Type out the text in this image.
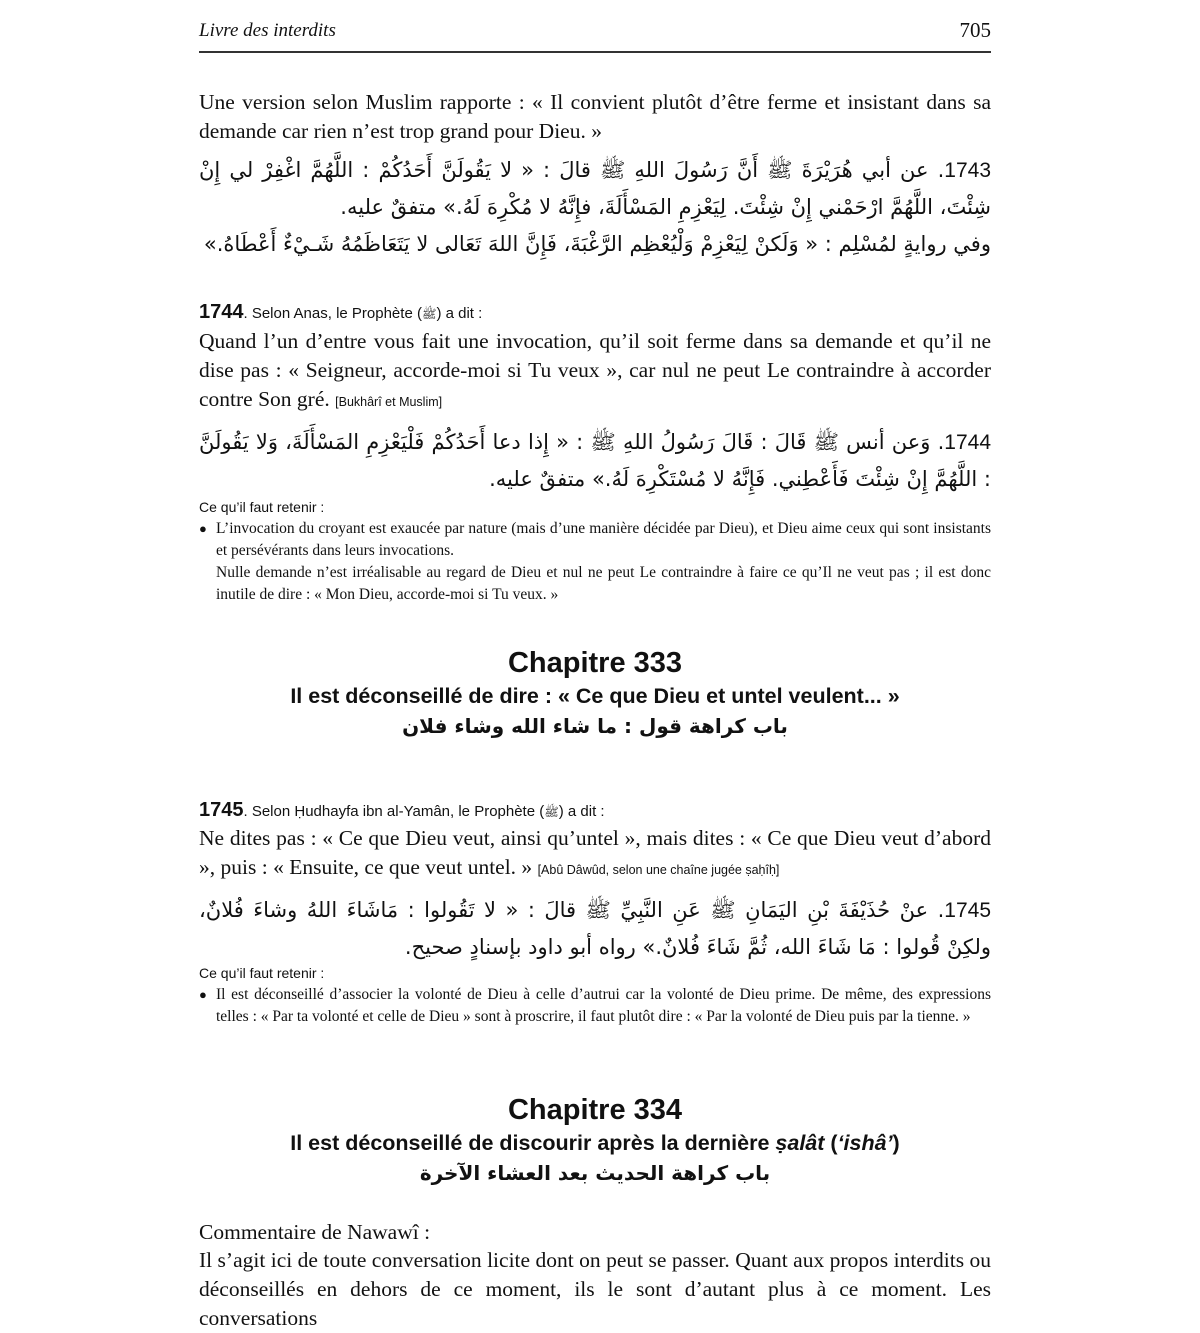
Livre des interdits	705

Une version selon Muslim rapporte : « Il convient plutôt d’être ferme et insistant dans sa demande car rien n’est trop grand pour Dieu. »

1743. عن أبي هُرَيْرَةَ ﷺ أَنَّ رَسُولَ اللهِ ﷺ قالَ : « لا يَقُولَنَّ أَحَدُكُمْ : اللَّهُمَّ اغْفِرْ لي إِنْ شِئْتَ، اللَّهُمَّ ارْحَمْني إِنْ شِئْتَ. لِيَعْزِمِ المَسْأَلَةَ، فإِنَّهُ لا مُكْرِهَ لَهُ.» متفقٌ عليه.
وفي روايةٍ لمُسْلِم : « وَلَكنْ لِيَعْزِمْ وَلْيُعْظِم الرَّغْبَةَ، فَإِنَّ اللهَ تَعَالى لا يَتَعَاظَمُهُ شَـيْءٌ أَعْطَاهُ.»
1744. Selon Anas, le Prophète (ﷺ) a dit :

Quand l’un d’entre vous fait une invocation, qu’il soit ferme dans sa demande et qu’il ne dise pas : « Seigneur, accorde-moi si Tu veux », car nul ne peut Le contraindre à accorder contre Son gré. [Bukhârî et Muslim]

1744. وَعن أنس ﷺ قَالَ : قَالَ رَسُولُ اللهِ ﷺ : « إِذا دعا أَحَدُكُمْ فَلْيَعْزِمِ المَسْأَلَةَ، وَلا يَقُولَنَّ : اللَّهُمَّ إِنْ شِئْتَ فَأَعْطِني. فَإِنَّهُ لا مُسْتَكْرِهَ لَهُ.» متفقٌ عليه.
Ce qu’il faut retenir :
● L’invocation du croyant est exaucée par nature (mais d’une manière décidée par Dieu), et Dieu aime ceux qui sont insistants et persévérants dans leurs invocations.
Nulle demande n’est irréalisable au regard de Dieu et nul ne peut Le contraindre à faire ce qu’Il ne veut pas ; il est donc inutile de dire : « Mon Dieu, accorde-moi si Tu veux. »
Chapitre 333
Il est déconseillé de dire : « Ce que Dieu et untel veulent... »
باب كراهة قول : ما شاء الله وشاء فلان
1745. Selon Ḥudhayfa ibn al-Yamân, le Prophète (ﷺ) a dit :

Ne dites pas : « Ce que Dieu veut, ainsi qu’untel », mais dites : « Ce que Dieu veut d’abord », puis : « Ensuite, ce que veut untel. » [Abû Dâwûd, selon une chaîne jugée ṣaḥîḥ]

1745. عنْ حُذَيْفَةَ بْنِ اليَمَانِ ﷺ عَنِ النَّبِيِّ ﷺ قالَ : « لا تَقُولوا : مَاشَاءَ اللهُ وشاءَ فُلانٌ، ولكِنْ قُولوا : مَا شَاءَ الله، ثُمَّ شَاءَ فُلانٌ.» رواه أبو داود بإسنادٍ صحيح.
Ce qu’il faut retenir :
● Il est déconseillé d’associer la volonté de Dieu à celle d’autrui car la volonté de Dieu prime. De même, des expressions telles : « Par ta volonté et celle de Dieu » sont à proscrire, il faut plutôt dire : « Par la volonté de Dieu puis par la tienne. »
Chapitre 334
Il est déconseillé de discourir après la dernière ṣalât (‘ishâ’)
باب كراهة الحديث بعد العشاء الآخرة
Commentaire de Nawawî :

Il s’agit ici de toute conversation licite dont on peut se passer. Quant aux propos interdits ou déconseillés en dehors de ce moment, ils le sont d’autant plus à ce moment. Les conversations
